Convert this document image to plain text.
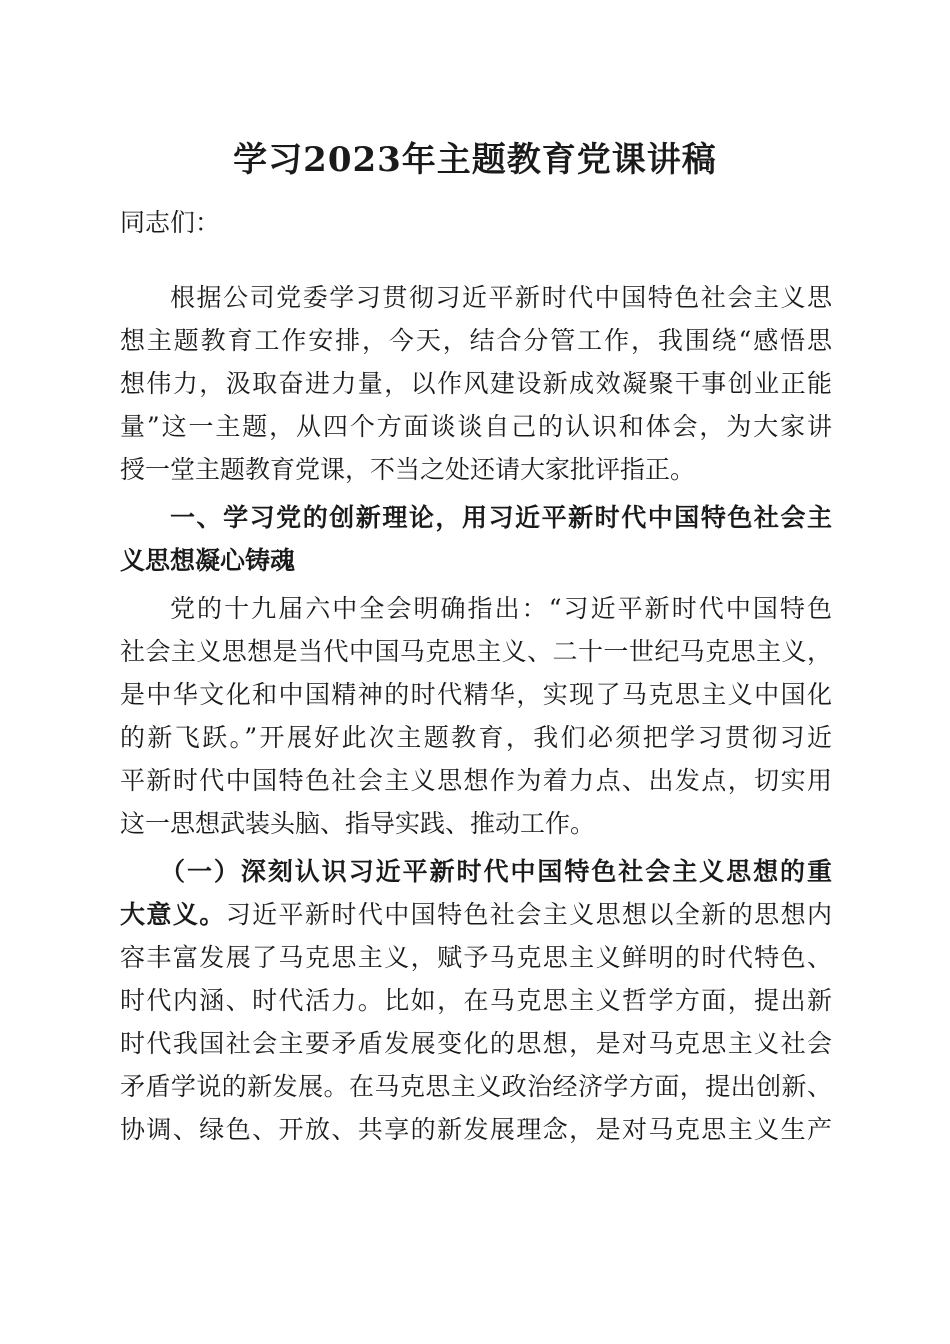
学习2023年主题教育党课讲稿
同志们：
根据公司党委学习贯彻习近平新时代中国特色社会主义思
想主题教育工作安排，今天，结合分管工作，我围绕“感悟思
想伟力，汲取奋进力量，以作风建设新成效凝聚干事创业正能
量”这一主题，从四个方面谈谈自己的认识和体会，为大家讲
授一堂主题教育党课，不当之处还请大家批评指正。
一、学习党的创新理论，用习近平新时代中国特色社会主
义思想凝心铸魂
党的十九届六中全会明确指出：“习近平新时代中国特色
社会主义思想是当代中国马克思主义、二十一世纪马克思主义，
是中华文化和中国精神的时代精华，实现了马克思主义中国化
的新飞跃。”开展好此次主题教育，我们必须把学习贯彻习近
平新时代中国特色社会主义思想作为着力点、出发点，切实用
这一思想武装头脑、指导实践、推动工作。
（一）深刻认识习近平新时代中国特色社会主义思想的重
大意义。习近平新时代中国特色社会主义思想以全新的思想内
容丰富发展了马克思主义，赋予马克思主义鲜明的时代特色、
时代内涵、时代活力。比如，在马克思主义哲学方面，提出新
时代我国社会主要矛盾发展变化的思想，是对马克思主义社会
矛盾学说的新发展。在马克思主义政治经济学方面，提出创新、
协调、绿色、开放、共享的新发展理念，是对马克思主义生产
